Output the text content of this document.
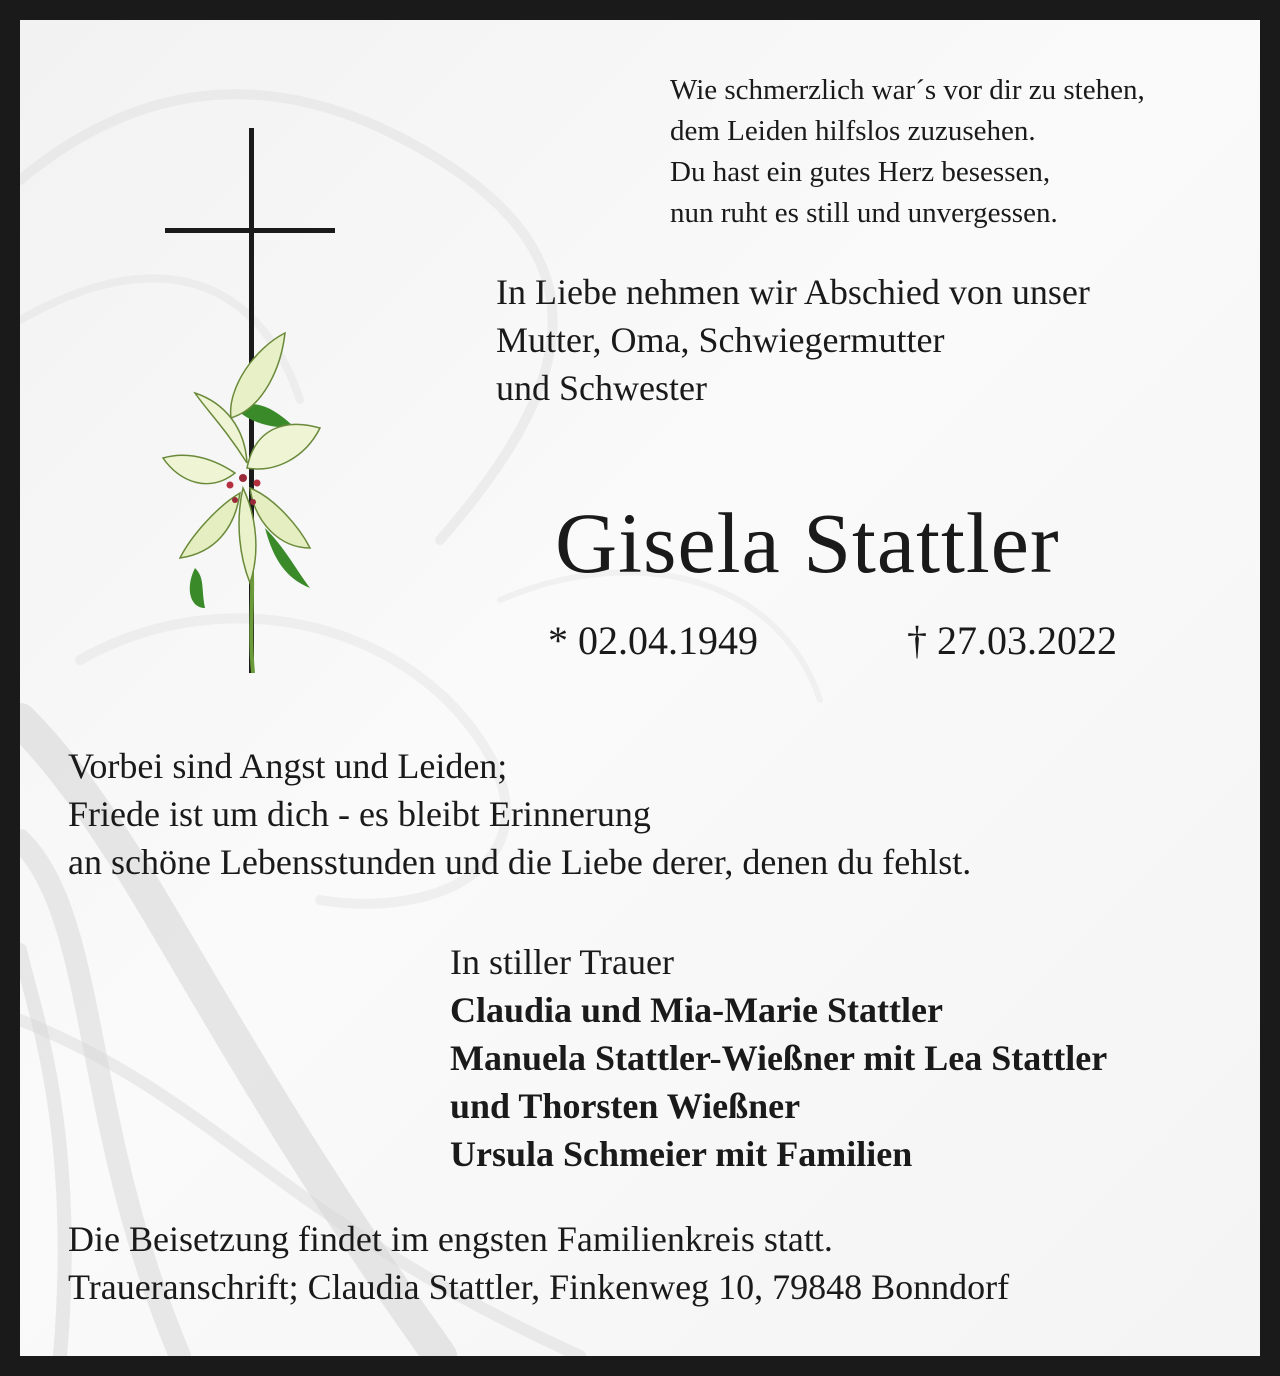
Wie schmerzlich war´s vor dir zu stehen,
dem Leiden hilfslos zuzusehen.
Du hast ein gutes Herz besessen,
nun ruht es still und unvergessen.
In Liebe nehmen wir Abschied von unser
Mutter, Oma, Schwiegermutter
und Schwester
Gisela Stattler
* 02.04.1949	† 27.03.2022
Vorbei sind Angst und Leiden;
Friede ist um dich - es bleibt Erinnerung
an schöne Lebensstunden und die Liebe derer, denen du fehlst.
In stiller Trauer
Claudia und Mia-Marie Stattler
Manuela Stattler-Wießner mit Lea Stattler
und Thorsten Wießner
Ursula Schmeier mit Familien
Die Beisetzung findet im engsten Familienkreis statt.
Traueranschrift; Claudia Stattler, Finkenweg 10, 79848 Bonndorf
